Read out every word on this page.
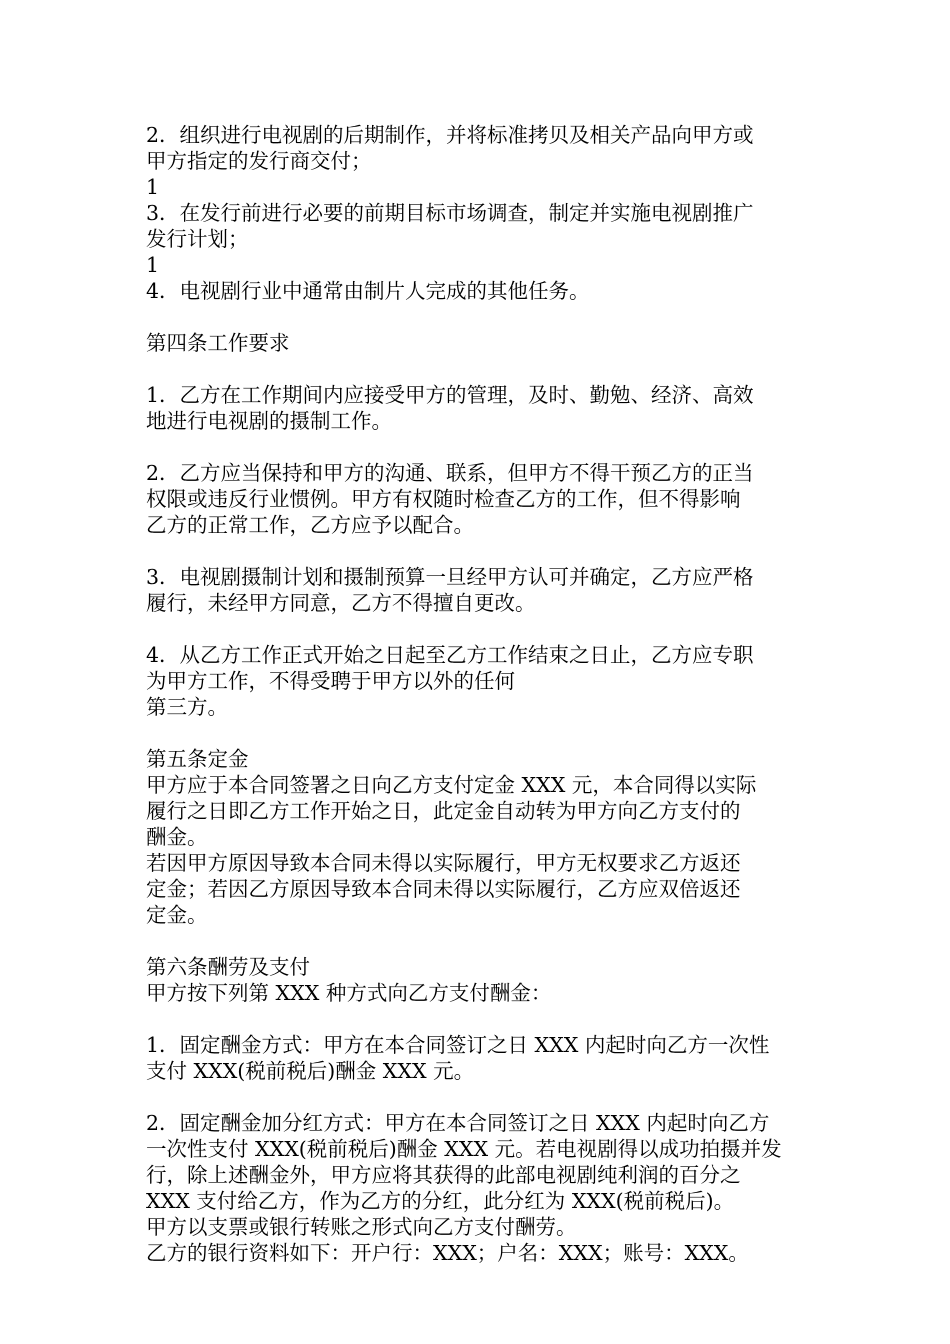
2．组织进行电视剧的后期制作，并将标准拷贝及相关产品向甲方或
甲方指定的发行商交付；
1
3．在发行前进行必要的前期目标市场调查，制定并实施电视剧推广
发行计划；
1
4．电视剧行业中通常由制片人完成的其他任务。
第四条工作要求
1．乙方在工作期间内应接受甲方的管理，及时、勤勉、经济、高效
地进行电视剧的摄制工作。
2．乙方应当保持和甲方的沟通、联系，但甲方不得干预乙方的正当
权限或违反行业惯例。甲方有权随时检查乙方的工作，但不得影响
乙方的正常工作，乙方应予以配合。
3．电视剧摄制计划和摄制预算一旦经甲方认可并确定，乙方应严格
履行，未经甲方同意，乙方不得擅自更改。
4．从乙方工作正式开始之日起至乙方工作结束之日止，乙方应专职
为甲方工作，不得受聘于甲方以外的任何
第三方。
第五条定金
甲方应于本合同签署之日向乙方支付定金 XXX 元，本合同得以实际
履行之日即乙方工作开始之日，此定金自动转为甲方向乙方支付的
酬金。
若因甲方原因导致本合同未得以实际履行，甲方无权要求乙方返还
定金；若因乙方原因导致本合同未得以实际履行，乙方应双倍返还
定金。
第六条酬劳及支付
甲方按下列第 XXX 种方式向乙方支付酬金：
1．固定酬金方式：甲方在本合同签订之日 XXX 内起时向乙方一次性
支付 XXX(税前税后)酬金 XXX 元。
2．固定酬金加分红方式：甲方在本合同签订之日 XXX 内起时向乙方
一次性支付 XXX(税前税后)酬金 XXX 元。若电视剧得以成功拍摄并发
行，除上述酬金外，甲方应将其获得的此部电视剧纯利润的百分之
XXX 支付给乙方，作为乙方的分红，此分红为 XXX(税前税后)。
甲方以支票或银行转账之形式向乙方支付酬劳。
乙方的银行资料如下：开户行：XXX；户名：XXX；账号：XXX。
